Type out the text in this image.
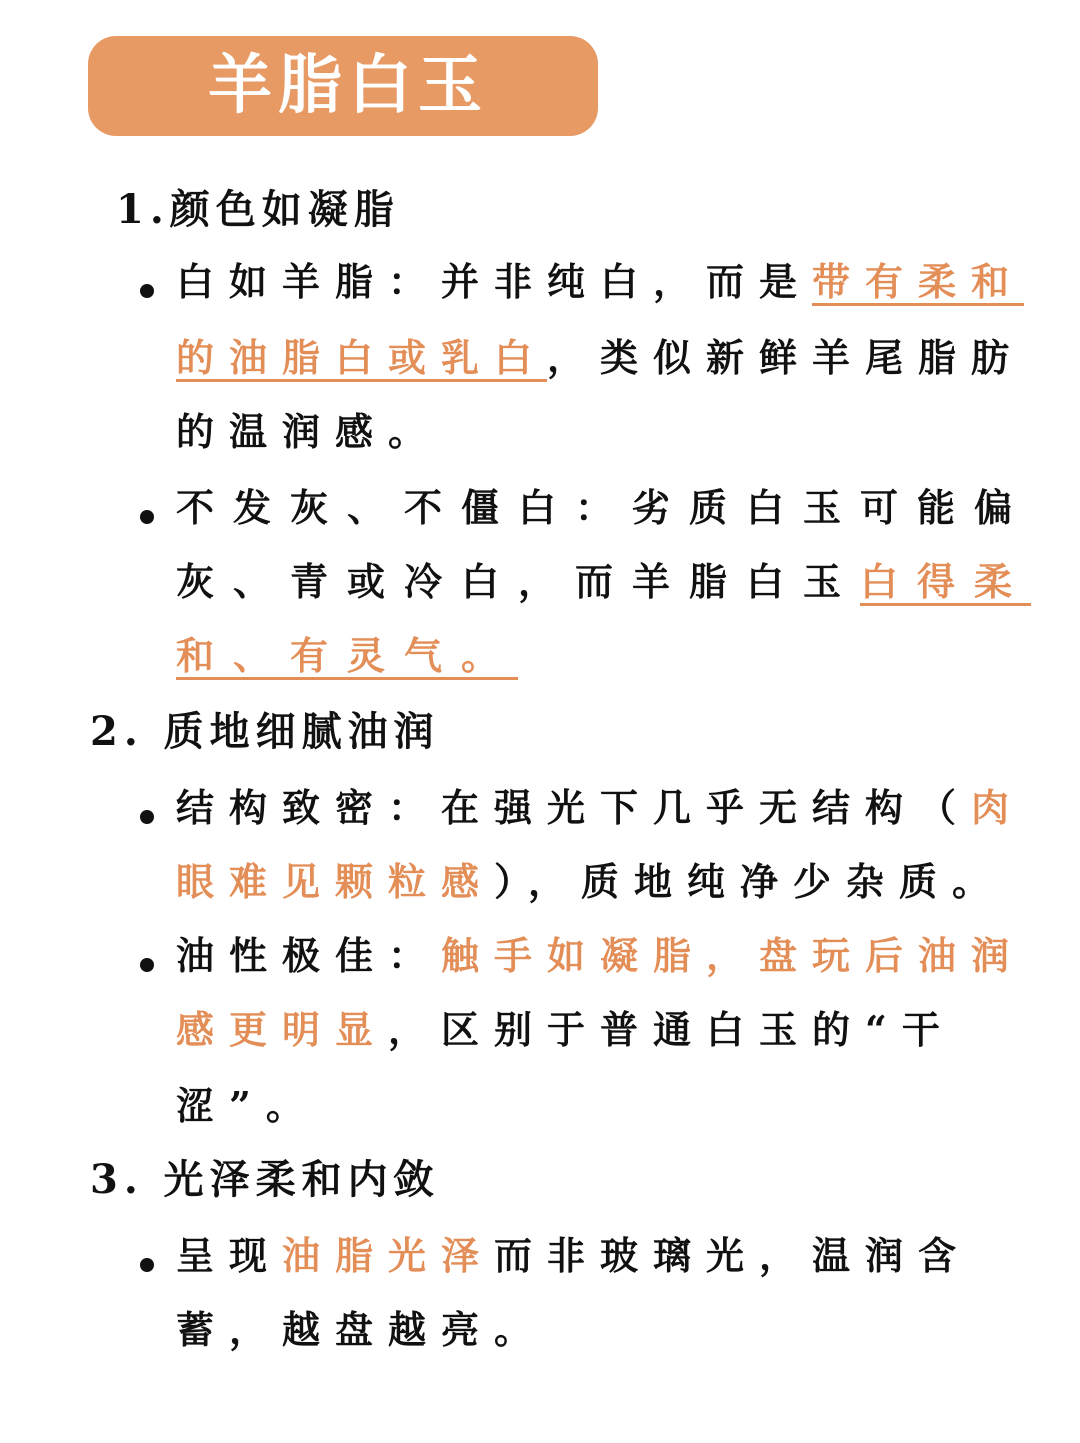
羊脂白玉
1.颜色如凝脂
白如羊脂：并非纯白，而是带有柔和
的油脂白或乳白，类似新鲜羊尾脂肪
的温润感。
不发灰、不僵白：劣质白玉可能偏
灰、青或冷白，而羊脂白玉白得柔
和、有灵气。
2. 质地细腻油润
结构致密：在强光下几乎无结构（肉
眼难见颗粒感），质地纯净少杂质。
油性极佳：触手如凝脂，盘玩后油润
感更明显，区别于普通白玉的“干
涩”。
3. 光泽柔和内敛
呈现油脂光泽而非玻璃光，温润含
蓄，越盘越亮。
